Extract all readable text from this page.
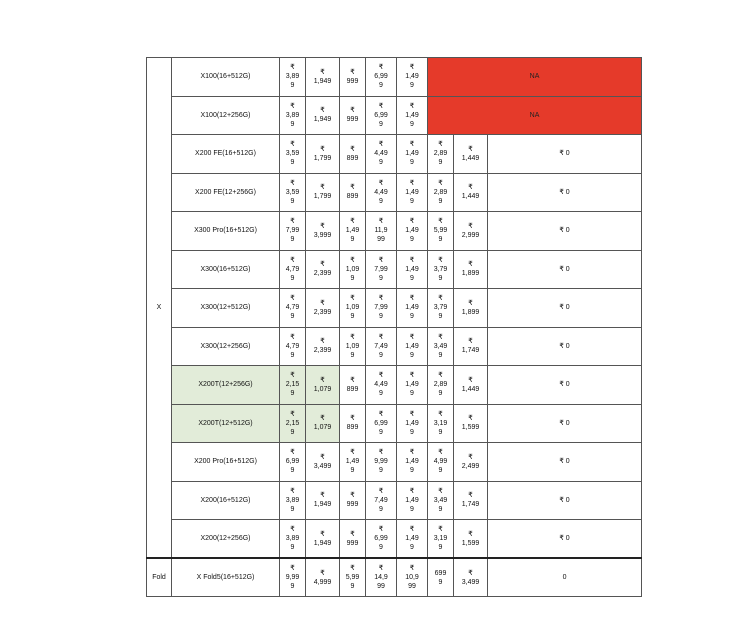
X	X100(16+512G)	₹
3,89
9	₹
1,949	₹
999	₹
6,99
9	₹
1,49
9	NA	
	X100(12+256G)	₹
3,89
9	₹
1,949	₹
999	₹
6,99
9	₹
1,49
9	NA	
	X200 FE(16+512G)	₹
3,59
9	₹
1,799	₹
899	₹
4,49
9	₹
1,49
9	₹
2,89
9	₹
1,449	₹ 0	
	X200 FE(12+256G)	₹
3,59
9	₹
1,799	₹
899	₹
4,49
9	₹
1,49
9	₹
2,89
9	₹
1,449	₹ 0	
	X300 Pro(16+512G)	₹
7,99
9	₹
3,999	₹
1,49
9	₹
11,9
99	₹
1,49
9	₹
5,99
9	₹
2,999	₹ 0	
	X300(16+512G)	₹
4,79
9	₹
2,399	₹
1,09
9	₹
7,99
9	₹
1,49
9	₹
3,79
9	₹
1,899	₹ 0	
	X300(12+512G)	₹
4,79
9	₹
2,399	₹
1,09
9	₹
7,99
9	₹
1,49
9	₹
3,79
9	₹
1,899	₹ 0	
	X300(12+256G)	₹
4,79
9	₹
2,399	₹
1,09
9	₹
7,49
9	₹
1,49
9	₹
3,49
9	₹
1,749	₹ 0	
	X200T(12+256G)	₹
2,15
9	₹
1,079	₹
899	₹
4,49
9	₹
1,49
9	₹
2,89
9	₹
1,449	₹ 0	
	X200T(12+512G)	₹
2,15
9	₹
1,079	₹
899	₹
6,99
9	₹
1,49
9	₹
3,19
9	₹
1,599	₹ 0	
	X200 Pro(16+512G)	₹
6,99
9	₹
3,499	₹
1,49
9	₹
9,99
9	₹
1,49
9	₹
4,99
9	₹
2,499	₹ 0	
	X200(16+512G)	₹
3,89
9	₹
1,949	₹
999	₹
7,49
9	₹
1,49
9	₹
3,49
9	₹
1,749	₹ 0	
	X200(12+256G)	₹
3,89
9	₹
1,949	₹
999	₹
6,99
9	₹
1,49
9	₹
3,19
9	₹
1,599	₹ 0	
Fold	X Fold5(16+512G)	₹
9,99
9	₹
4,999	₹
5,99
9	₹
14,9
99	₹
10,9
99	699
9	₹
3,499	0	
